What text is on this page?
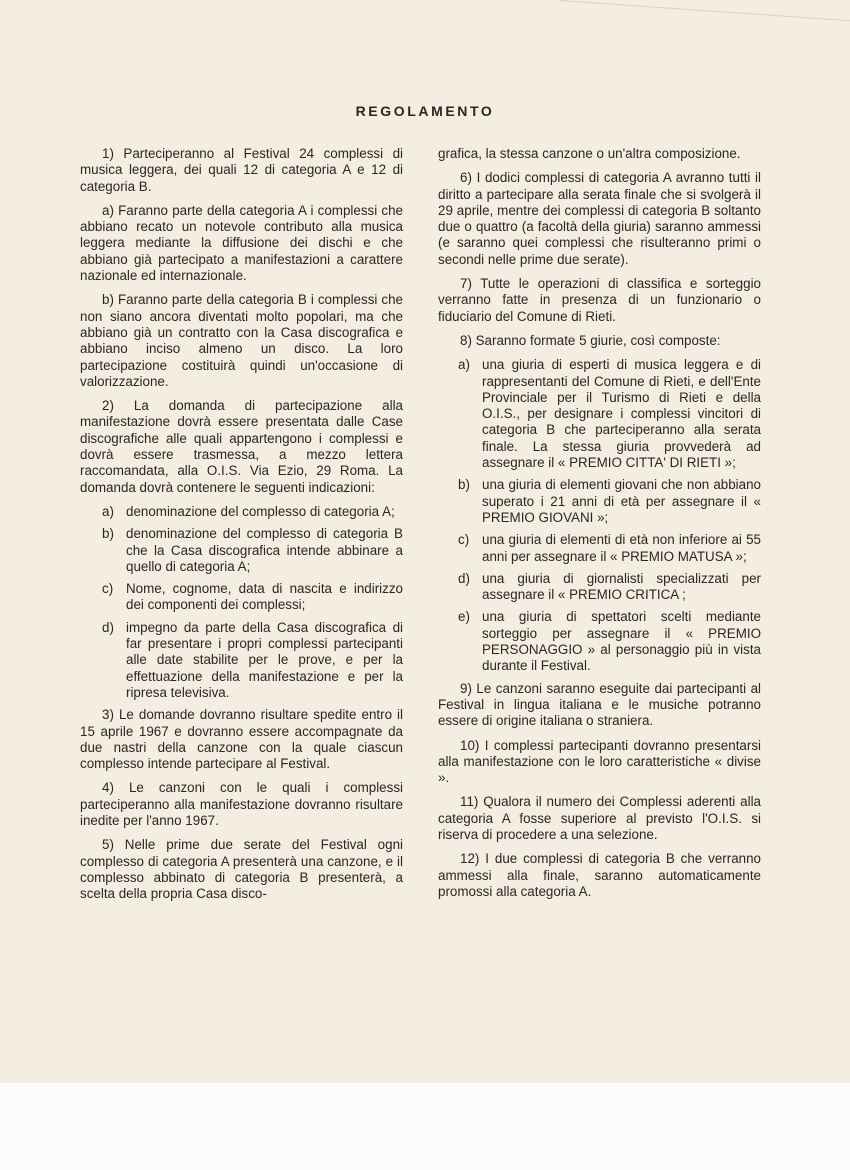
REGOLAMENTO

1) Parteciperanno al Festival 24 complessi di musica leggera, dei quali 12 di categoria A e 12 di categoria B.

a) Faranno parte della categoria A i complessi che abbiano recato un notevole contributo alla musica leggera mediante la diffusione dei dischi e che abbiano già partecipato a manifestazioni a carattere nazionale ed internazionale.

b) Faranno parte della categoria B i complessi che non siano ancora diventati molto popolari, ma che abbiano già un contratto con la Casa discografica e abbiano inciso almeno un disco. La loro partecipazione costituirà quindi un'occasione di valorizzazione.

2) La domanda di partecipazione alla manifestazione dovrà essere presentata dalle Case discografiche alle quali appartengono i complessi e dovrà essere trasmessa, a mezzo lettera raccomandata, alla O.I.S. Via Ezio, 29 Roma. La domanda dovrà contenere le seguenti indicazioni:

a) denominazione del complesso di categoria A;
b) denominazione del complesso di categoria B che la Casa discografica intende abbinare a quello di categoria A;
c) Nome, cognome, data di nascita e indirizzo dei componenti dei complessi;
d) impegno da parte della Casa discografica di far presentare i propri complessi partecipanti alle date stabilite per le prove, e per la effettuazione della manifestazione e per la ripresa televisiva.

3) Le domande dovranno risultare spedite entro il 15 aprile 1967 e dovranno essere accompagnate da due nastri della canzone con la quale ciascun complesso intende partecipare al Festival.

4) Le canzoni con le quali i complessi parteciperanno alla manifestazione dovranno risultare inedite per l'anno 1967.

5) Nelle prime due serate del Festival ogni complesso di categoria A presenterà una canzone, e il complesso abbinato di categoria B presenterà, a scelta della propria Casa disco-

grafica, la stessa canzone o un'altra composizione.

6) I dodici complessi di categoria A avranno tutti il diritto a partecipare alla serata finale che si svolgerà il 29 aprile, mentre dei complessi di categoria B soltanto due o quattro (a facoltà della giuria) saranno ammessi (e saranno quei complessi che risulteranno primi o secondi nelle prime due serate).

7) Tutte le operazioni di classifica e sorteggio verranno fatte in presenza di un funzionario o fiduciario del Comune di Rieti.

8) Saranno formate 5 giurie, così composte:

a) una giuria di esperti di musica leggera e di rappresentanti del Comune di Rieti, e dell'Ente Provinciale per il Turismo di Rieti e della O.I.S., per designare i complessi vincitori di categoria B che parteciperanno alla serata finale. La stessa giuria provvederà ad assegnare il « PREMIO CITTA' DI RIETI »;
b) una giuria di elementi giovani che non abbiano superato i 21 anni di età per assegnare il « PREMIO GIOVANI »;
c) una giuria di elementi di età non inferiore ai 55 anni per assegnare il « PREMIO MATUSA »;
d) una giuria di giornalisti specializzati per assegnare il « PREMIO CRITICA ;
e) una giuria di spettatori scelti mediante sorteggio per assegnare il « PREMIO PERSONAGGIO » al personaggio più in vista durante il Festival.

9) Le canzoni saranno eseguite dai partecipanti al Festival in lingua italiana e le musiche potranno essere di origine italiana o straniera.

10) I complessi partecipanti dovranno presentarsi alla manifestazione con le loro caratteristiche « divise ».

11) Qualora il numero dei Complessi aderenti alla categoria A fosse superiore al previsto l'O.I.S. si riserva di procedere a una selezione.

12) I due complessi di categoria B che verranno ammessi alla finale, saranno automaticamente promossi alla categoria A.
